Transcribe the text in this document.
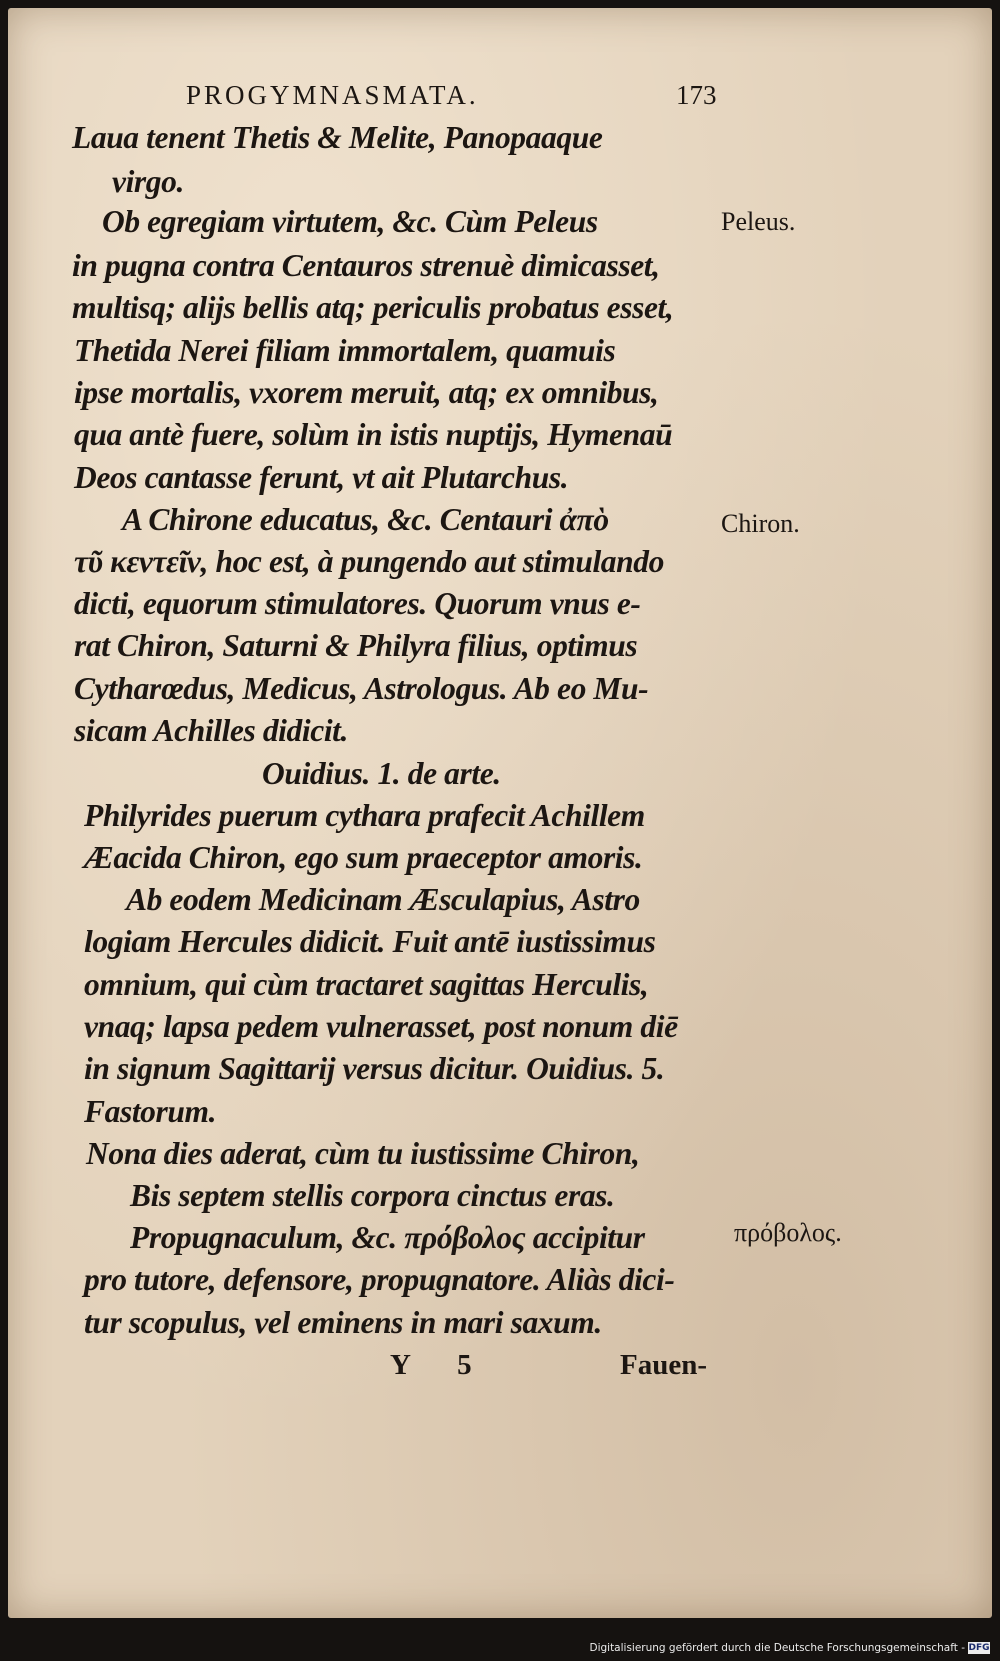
PROGYMNASMATA.	173
Laua tenent Thetis & Melite, Panopaaque
virgo.
Ob egregiam virtutem, &c. Cùm Peleus
in pugna contra Centauros strenuè dimicasset,
multisq; alijs bellis atq; periculis probatus esset,
Thetida Nerei filiam immortalem, quamuis
ipse mortalis, vxorem meruit, atq; ex omnibus,
qua antè fuere, solùm in istis nuptijs, Hymenaū
Deos cantasse ferunt, vt ait Plutarchus.
A Chirone educatus, &c. Centauri ἀπὸ
τῦ κεντεῖν, hoc est, à pungendo aut stimulando
dicti, equorum stimulatores. Quorum vnus e-
rat Chiron, Saturni & Philyra filius, optimus
Cytharœdus, Medicus, Astrologus. Ab eo Mu-
sicam Achilles didicit.
Ouidius. 1. de arte.
Philyrides puerum cythara prafecit Achillem
Æacida Chiron, ego sum praeceptor amoris.
Ab eodem Medicinam Æsculapius, Astro
logiam Hercules didicit. Fuit antē iustissimus
omnium, qui cùm tractaret sagittas Herculis,
vnaq; lapsa pedem vulnerasset, post nonum diē
in signum Sagittarij versus dicitur. Ouidius. 5.
Fastorum.
Nona dies aderat, cùm tu iustissime Chiron,
Bis septem stellis corpora cinctus eras.
Propugnaculum, &c. πρόβολος accipitur
pro tutore, defensore, propugnatore. Aliàs dici-
tur scopulus, vel eminens in mari saxum.
Peleus.
Chiron.
πρόβολος.
Y 5	Fauen-
Digitalisierung gefördert durch die Deutsche Forschungsgemeinschaft - DFG
